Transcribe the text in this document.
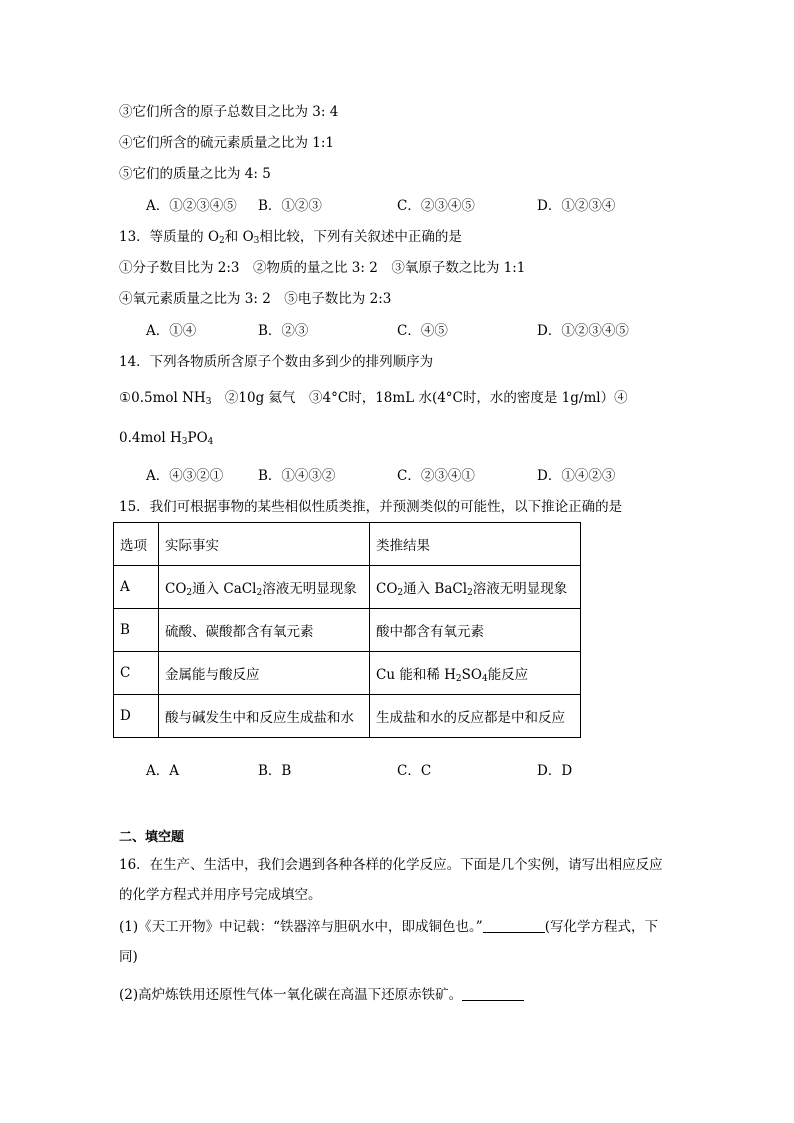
③它们所含的原子总数目之比为 3: 4
④它们所含的硫元素质量之比为 1:1
⑤它们的质量之比为 4: 5
A．①②③④⑤ B．①②③	C．②③④⑤	D．①②③④
13．等质量的 $O_2$和 $O_3$相比较，下列有关叙述中正确的是
①分子数目比为 2:3　②物质的量之比 3: 2　③氧原子数之比为 1:1
④氧元素质量之比为 3: 2　⑤电子数比为 2:3
A．①④	B．②③	C．④⑤	D．①②③④⑤
14．下列各物质所含原子个数由多到少的排列顺序为
①0.5mol $NH_3$　②10g 氦气　③4°C时，18mL 水(4°C时，水的密度是 1g/ml）④
0.4mol $H_3PO_4$
A．④③②①	B．①④③②	C．②③④①	D．①④②③
15．我们可根据事物的某些相似性质类推，并预测类似的可能性，以下推论正确的是
选项	实际事实	类推结果
A	$CO_2$通入 CaCl$_2$溶液无明显现象	$CO_2$通入 BaCl$_2$溶液无明显现象
B	硫酸、碳酸都含有氧元素	酸中都含有氧元素
C	金属能与酸反应	Cu 能和稀 $H_2SO_4$能反应
D	酸与碱发生中和反应生成盐和水	生成盐和水的反应都是中和反应
A．A	B．B	C．C	D．D
二、填空题
16．在生产、生活中，我们会遇到各种各样的化学反应。下面是几个实例，请写出相应反应
的化学方程式并用序号完成填空。
(1)《天工开物》中记载：“铁器淬与胆矾水中，即成铜色也。”	(写化学方程式，下
同)
(2)高炉炼铁用还原性气体一氧化碳在高温下还原赤铁矿。
